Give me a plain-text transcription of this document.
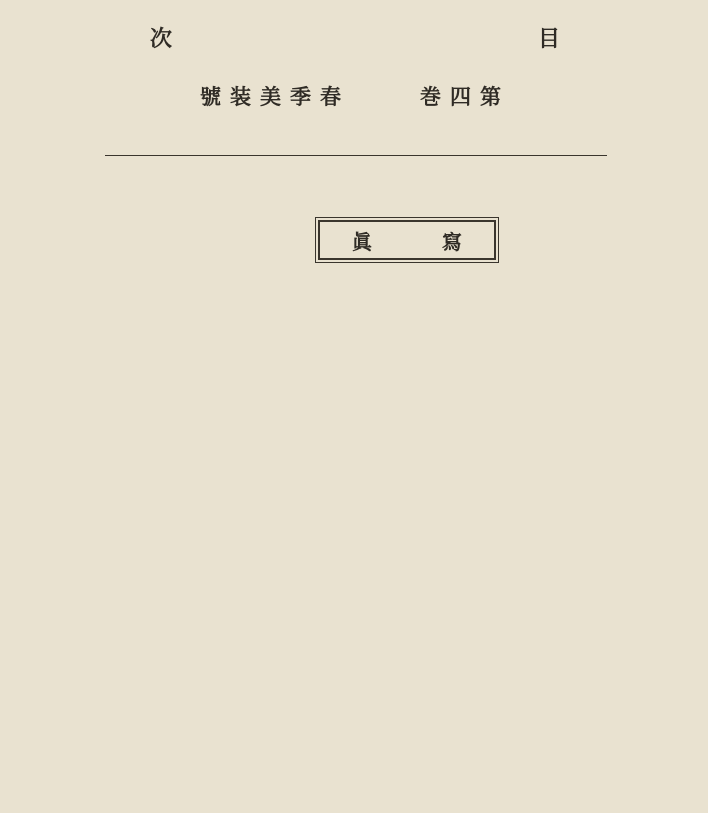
次	目
號装美季春	巻四第
眞	寫
